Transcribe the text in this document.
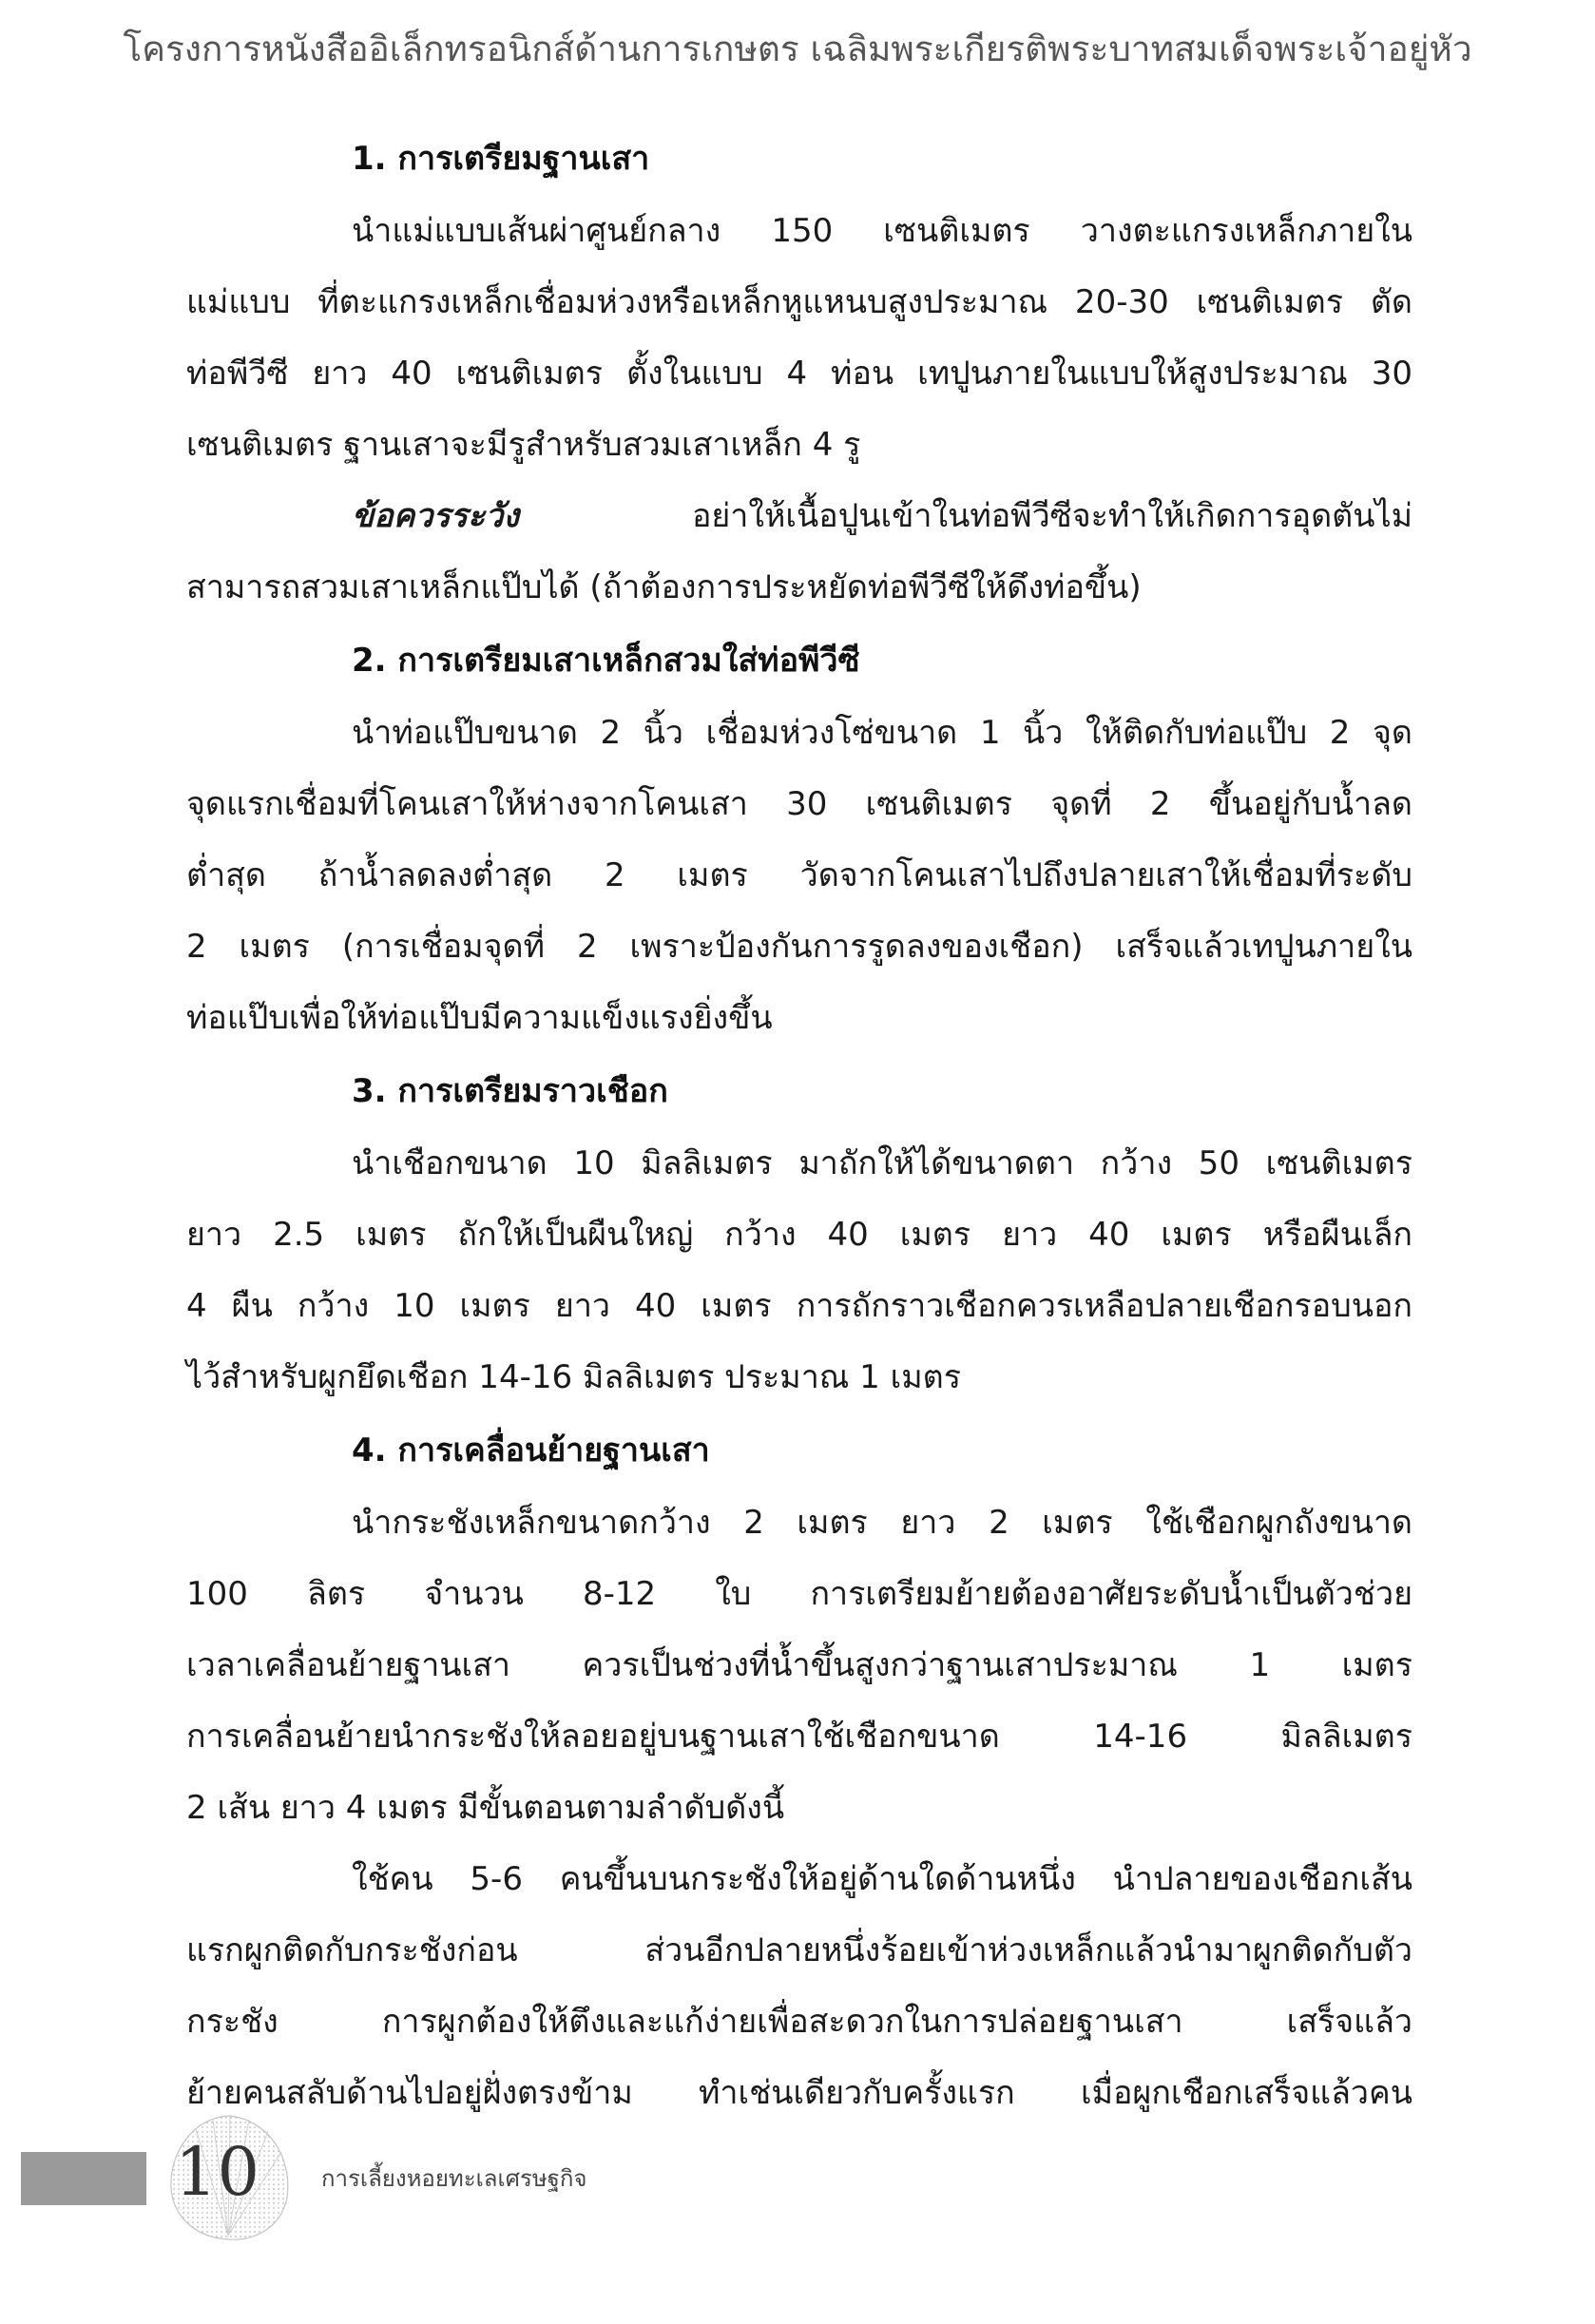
โครงการหนังสืออิเล็กทรอนิกส์ด้านการเกษตร เฉลิมพระเกียรติพระบาทสมเด็จพระเจ้าอยู่หัว
1. การเตรียมฐานเสา
นำแม่แบบเส้นผ่าศูนย์กลาง 150 เซนติเมตร วางตะแกรงเหล็กภายใน
แม่แบบ ที่ตะแกรงเหล็กเชื่อมห่วงหรือเหล็กหูแหนบสูงประมาณ 20-30 เซนติเมตร ตัด
ท่อพีวีซี ยาว 40 เซนติเมตร ตั้งในแบบ 4 ท่อน เทปูนภายในแบบให้สูงประมาณ 30
เซนติเมตร ฐานเสาจะมีรูสำหรับสวมเสาเหล็ก 4 รู
ข้อควรระวัง	อย่าให้เนื้อปูนเข้าในท่อพีวีซีจะทำให้เกิดการอุดตันไม่
สามารถสวมเสาเหล็กแป๊บได้ (ถ้าต้องการประหยัดท่อพีวีซีให้ดึงท่อขึ้น)
2. การเตรียมเสาเหล็กสวมใส่ท่อพีวีซี
นำท่อแป๊บขนาด 2 นิ้ว เชื่อมห่วงโซ่ขนาด 1 นิ้ว ให้ติดกับท่อแป๊บ 2 จุด
จุดแรกเชื่อมที่โคนเสาให้ห่างจากโคนเสา 30 เซนติเมตร จุดที่ 2 ขึ้นอยู่กับน้ำลด
ต่ำสุด ถ้าน้ำลดลงต่ำสุด 2 เมตร วัดจากโคนเสาไปถึงปลายเสาให้เชื่อมที่ระดับ
2 เมตร (การเชื่อมจุดที่ 2 เพราะป้องกันการรูดลงของเชือก) เสร็จแล้วเทปูนภายใน
ท่อแป๊บเพื่อให้ท่อแป๊บมีความแข็งแรงยิ่งขึ้น
3. การเตรียมราวเชือก
นำเชือกขนาด 10 มิลลิเมตร มาถักให้ได้ขนาดตา กว้าง 50 เซนติเมตร
ยาว 2.5 เมตร ถักให้เป็นผืนใหญ่ กว้าง 40 เมตร ยาว 40 เมตร หรือผืนเล็ก
4 ผืน กว้าง 10 เมตร ยาว 40 เมตร การถักราวเชือกควรเหลือปลายเชือกรอบนอก
ไว้สำหรับผูกยึดเชือก 14-16 มิลลิเมตร ประมาณ 1 เมตร
4. การเคลื่อนย้ายฐานเสา
นำกระชังเหล็กขนาดกว้าง 2 เมตร ยาว 2 เมตร ใช้เชือกผูกถังขนาด
100 ลิตร จำนวน 8-12 ใบ การเตรียมย้ายต้องอาศัยระดับน้ำเป็นตัวช่วย
เวลาเคลื่อนย้ายฐานเสา ควรเป็นช่วงที่น้ำขึ้นสูงกว่าฐานเสาประมาณ 1 เมตร
การเคลื่อนย้ายนำกระชังให้ลอยอยู่บนฐานเสาใช้เชือกขนาด 14-16 มิลลิเมตร
2 เส้น ยาว 4 เมตร มีขั้นตอนตามลำดับดังนี้
ใช้คน 5-6 คนขึ้นบนกระชังให้อยู่ด้านใดด้านหนึ่ง นำปลายของเชือกเส้น
แรกผูกติดกับกระชังก่อน ส่วนอีกปลายหนึ่งร้อยเข้าห่วงเหล็กแล้วนำมาผูกติดกับตัว
กระชัง การผูกต้องให้ตึงและแก้ง่ายเพื่อสะดวกในการปล่อยฐานเสา เสร็จแล้ว
ย้ายคนสลับด้านไปอยู่ฝั่งตรงข้าม ทำเช่นเดียวกับครั้งแรก เมื่อผูกเชือกเสร็จแล้วคน
10	การเลี้ยงหอยทะเลเศรษฐกิจ
